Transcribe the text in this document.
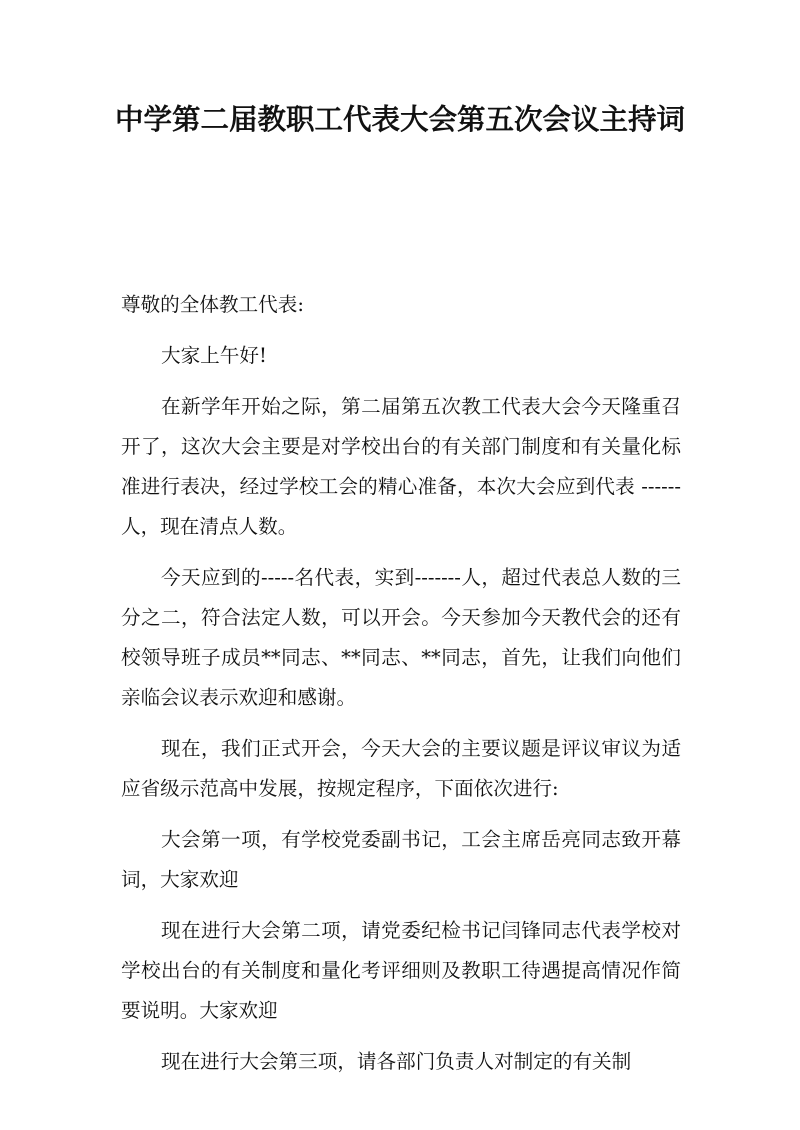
中学第二届教职工代表大会第五次会议主持词

尊敬的全体教工代表:

大家上午好!

在新学年开始之际，第二届第五次教工代表大会今天隆重召开了，这次大会主要是对学校出台的有关部门制度和有关量化标准进行表决，经过学校工会的精心准备，本次大会应到代表 ------ 人，现在清点人数。

今天应到的-----名代表，实到-------人，超过代表总人数的三分之二，符合法定人数，可以开会。今天参加今天教代会的还有校领导班子成员**同志、**同志、**同志，首先，让我们向他们亲临会议表示欢迎和感谢。

现在，我们正式开会，今天大会的主要议题是评议审议为适应省级示范高中发展，按规定程序，下面依次进行:

大会第一项，有学校党委副书记，工会主席岳亮同志致开幕词，大家欢迎

现在进行大会第二项，请党委纪检书记闫锋同志代表学校对学校出台的有关制度和量化考评细则及教职工待遇提高情况作简要说明。大家欢迎

现在进行大会第三项，请各部门负责人对制定的有关制
